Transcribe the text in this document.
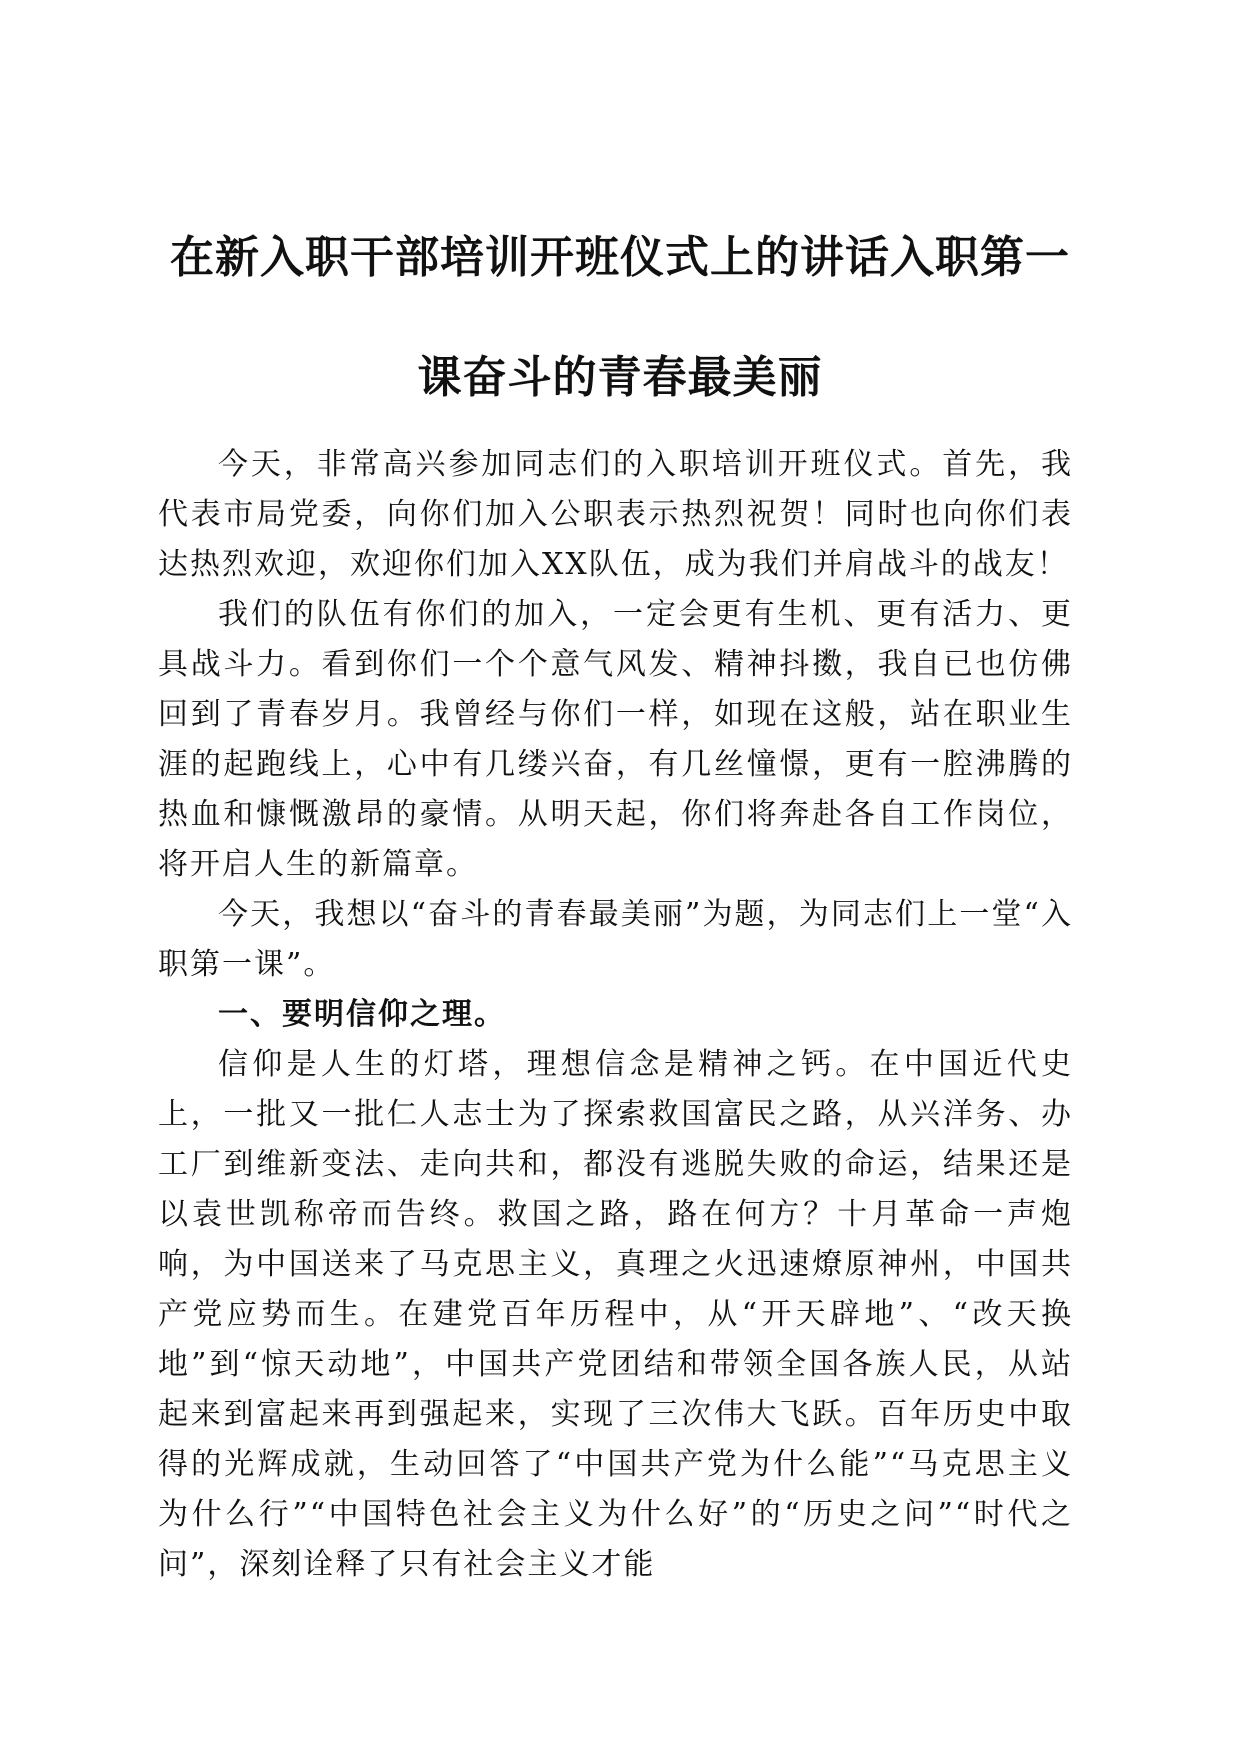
在新入职干部培训开班仪式上的讲话入职第一
课奋斗的青春最美丽

今天，非常高兴参加同志们的入职培训开班仪式。首先，我代表市局党委，向你们加入公职表示热烈祝贺！同时也向你们表达热烈欢迎，欢迎你们加入XX队伍，成为我们并肩战斗的战友！

我们的队伍有你们的加入，一定会更有生机、更有活力、更具战斗力。看到你们一个个意气风发、精神抖擞，我自已也仿佛回到了青春岁月。我曾经与你们一样，如现在这般，站在职业生涯的起跑线上，心中有几缕兴奋，有几丝憧憬，更有一腔沸腾的热血和慷慨激昂的豪情。从明天起，你们将奔赴各自工作岗位，将开启人生的新篇章。

今天，我想以“奋斗的青春最美丽”为题，为同志们上一堂“入职第一课”。

一、要明信仰之理。

信仰是人生的灯塔，理想信念是精神之钙。在中国近代史上，一批又一批仁人志士为了探索救国富民之路，从兴洋务、办工厂到维新变法、走向共和，都没有逃脱失败的命运，结果还是以袁世凯称帝而告终。救国之路，路在何方？十月革命一声炮响，为中国送来了马克思主义，真理之火迅速燎原神州，中国共产党应势而生。在建党百年历程中，从“开天辟地”、“改天换地”到“惊天动地”，中国共产党团结和带领全国各族人民，从站起来到富起来再到强起来，实现了三次伟大飞跃。百年历史中取得的光辉成就，生动回答了“中国共产党为什么能”“马克思主义为什么行”“中国特色社会主义为什么好”的“历史之问”“时代之问”，深刻诠释了只有社会主义才能
